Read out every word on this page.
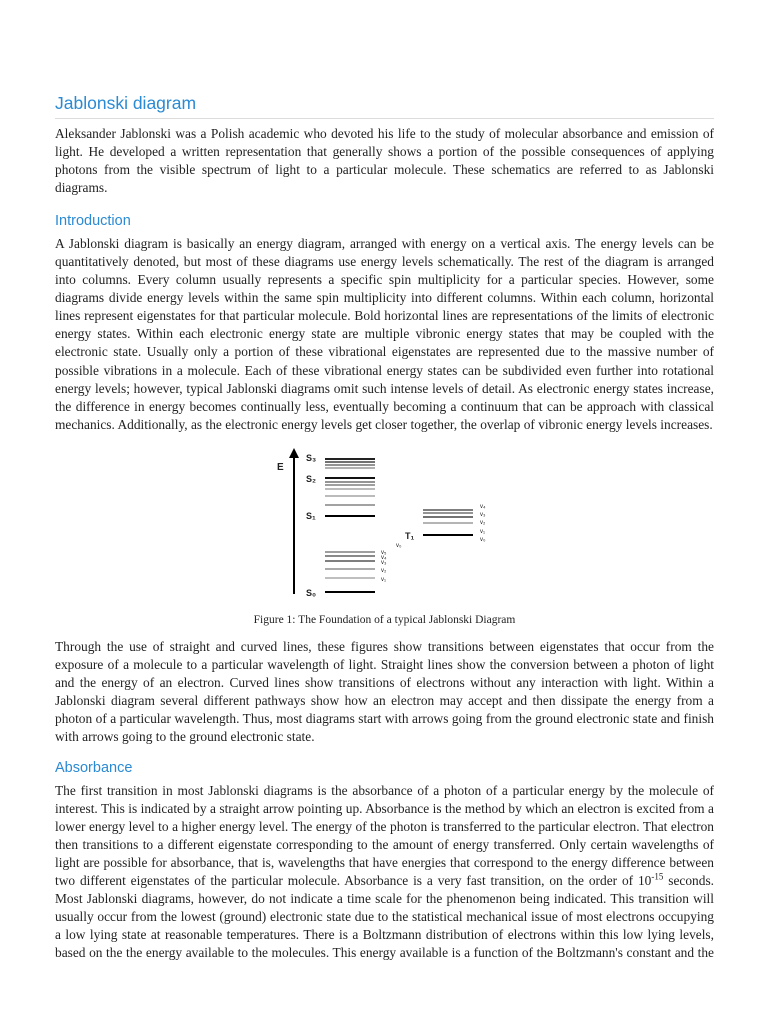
Jablonski diagram

Aleksander Jablonski was a Polish academic who devoted his life to the study of molecular absorbance and emission of light. He developed a written representation that generally shows a portion of the possible consequences of applying photons from the visible spectrum of light to a particular molecule. These schematics are referred to as Jablonski diagrams.

Introduction

A Jablonski diagram is basically an energy diagram, arranged with energy on a vertical axis. The energy levels can be quantitatively denoted, but most of these diagrams use energy levels schematically. The rest of the diagram is arranged into columns. Every column usually represents a specific spin multiplicity for a particular species. However, some diagrams divide energy levels within the same spin multiplicity into different columns. Within each column, horizontal lines represent eigenstates for that particular molecule. Bold horizontal lines are representations of the limits of electronic energy states. Within each electronic energy state are multiple vibronic energy states that may be coupled with the electronic state. Usually only a portion of these vibrational eigenstates are represented due to the massive number of possible vibrations in a molecule. Each of these vibrational energy states can be subdivided even further into rotational energy levels; however, typical Jablonski diagrams omit such intense levels of detail. As electronic energy states increase, the difference in energy becomes continually less, eventually becoming a continuum that can be approach with classical mechanics. Additionally, as the electronic energy levels get closer together, the overlap of vibronic energy levels increases.

E
S₃
S₂
S₁
S₀
T₁
v₀
v₅
v₄
v₃
v₂
v₁
v₄
v₃
v₂
v₁
v₀
Figure 1: The Foundation of a typical Jablonski Diagram

Through the use of straight and curved lines, these figures show transitions between eigenstates that occur from the exposure of a molecule to a particular wavelength of light. Straight lines show the conversion between a photon of light and the energy of an electron. Curved lines show transitions of electrons without any interaction with light. Within a Jablonski diagram several different pathways show how an electron may accept and then dissipate the energy from a photon of a particular wavelength. Thus, most diagrams start with arrows going from the ground electronic state and finish with arrows going to the ground electronic state.

Absorbance

The first transition in most Jablonski diagrams is the absorbance of a photon of a particular energy by the molecule of interest. This is indicated by a straight arrow pointing up. Absorbance is the method by which an electron is excited from a lower energy level to a higher energy level. The energy of the photon is transferred to the particular electron. That electron then transitions to a different eigenstate corresponding to the amount of energy transferred. Only certain wavelengths of light are possible for absorbance, that is, wavelengths that have energies that correspond to the energy difference between two different eigenstates of the particular molecule. Absorbance is a very fast transition, on the order of $10^{-15}$ seconds. Most Jablonski diagrams, however, do not indicate a time scale for the phenomenon being indicated. This transition will usually occur from the lowest (ground) electronic state due to the statistical mechanical issue of most electrons occupying a low lying state at reasonable temperatures. There is a Boltzmann distribution of electrons within this low lying levels, based on the the energy available to the molecules. This energy available is a function of the Boltzmann's constant and the
